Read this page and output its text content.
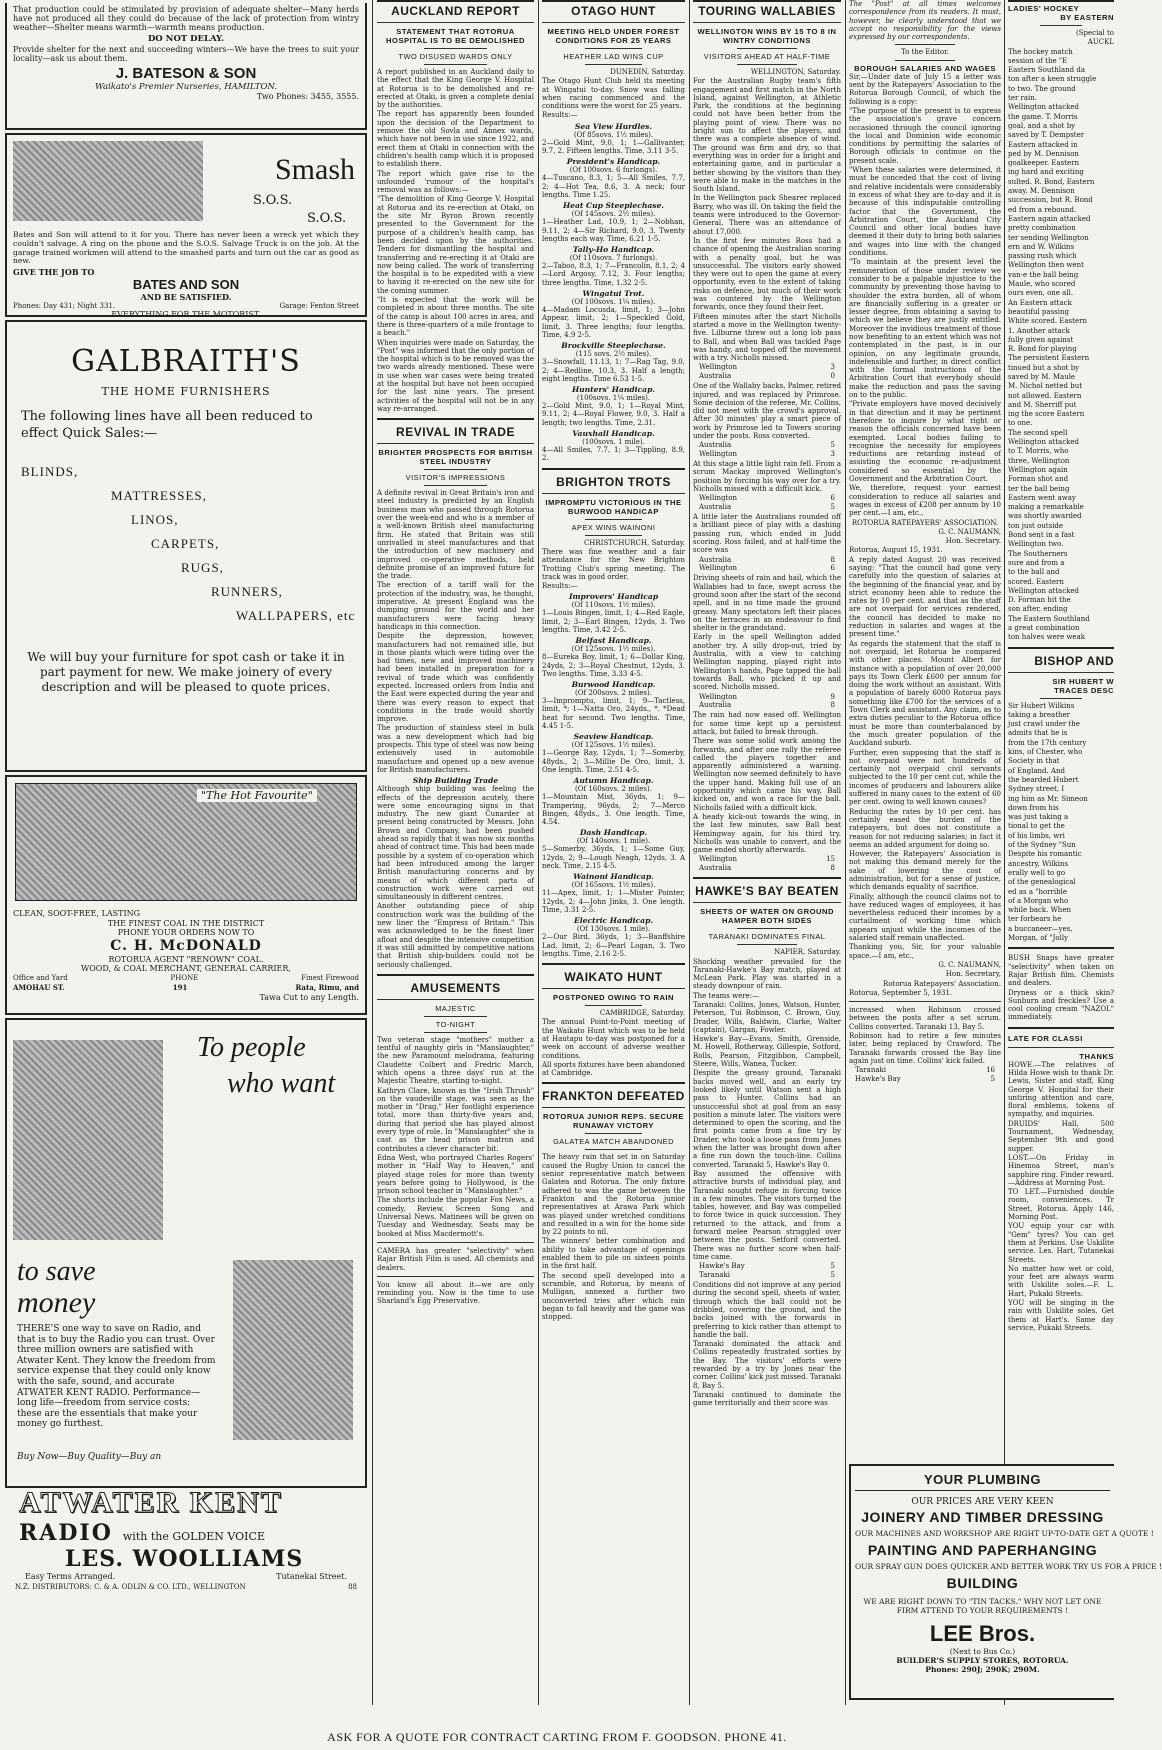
That production could be stimulated by provision of adequate shelter—Many herds have not produced all they could do because of the lack of protection from wintry weather—Shelter means warmth—warmth means production.

DO NOT DELAY.

Provide shelter for the next and succeeding winters—We have the trees to suit your locality—ask us about them.

J. BATESON & SON
Waikato's Premier Nurseries, HAMILTON.
Two Phones: 3455, 3555.
Smash
S.O.S.
S.O.S.

Bates and Son will attend to it for you. There has never been a wreck yet which they couldn't salvage. A ring on the phone and the S.O.S. Salvage Truck is on the job. At the garage trained workmen will attend to the smashed parts and turn out the car as good as new.

GIVE THE JOB TO
BATES AND SON
AND BE SATISFIED.
Phones: Day 431; Night 331.	Garage: Fenton Street
EVERYTHING FOR THE MOTORIST.
GALBRAITH'S
THE HOME FURNISHERS
The following lines have all been reduced to effect Quick Sales:—
BLINDS,
MATTRESSES,
LINOS,
CARPETS,
RUGS,
RUNNERS,
WALLPAPERS, etc
We will buy your furniture for spot cash or take it in part payment for new. We make joinery of every description and will be pleased to quote prices.
"The Hot Favourite"
CLEAN, SOOT-FREE, LASTING
THE FINEST COAL IN THE DISTRICT
PHONE YOUR ORDERS NOW TO
C. H. McDONALD
ROTORUA AGENT "RENOWN" COAL.
WOOD, & COAL MERCHANT, GENERAL CARRIER,
Office and Yard	PHONE	Finest Firewood
AMOHAU ST.	191	Rata, Rimu, and
Tawa Cut to any Length.
To people
who want
to save
money
THERE'S one way to save on Radio, and that is to buy the Radio you can trust. Over three million owners are satisfied with Atwater Kent. They know the freedom from service expense that they could only know with the safe, sound, and accurate ATWATER KENT RADIO. Performance—long life—freedom from service costs: these are the essentials that make your money go furthest.
Buy Now—Buy Quality—Buy an
ATWATER KENT
RADIO with the GOLDEN VOICE
LES. WOOLLIAMS
Easy Terms Arranged.	Tutanekai Street.
N.Z. DISTRIBUTORS: C. & A. ODLIN & CO. LTD., WELLINGTON	88
AUCKLAND REPORT
STATEMENT THAT ROTORUA HOSPITAL IS TO BE DEMOLISHED
TWO DISUSED WARDS ONLY

A report published in an Auckland daily to the effect that the King George V. Hospital at Rotorua is to be demolished and re-erected at Otaki, is given a complete denial by the authorities.

The report has apparently been founded upon the decision of the Department to remove the old Sovla and Annex wards, which have not been in use since 1922, and erect them at Otaki in connection with the children's health camp which it is proposed to establish there.

The report which gave rise to the unfounded 'rumour of the hospital's removal was as follows:—

"The demolition of King George V. Hospital at Rotorua and its re-erection at Otaki, on the site Mr Byron Brown recently presented to the Government for the purpose of a children's health camp, has been decided upon by the authorities. Tenders for dismantling the hospital and transferring and re-erecting it at Otaki are now being called. The work of transferring the hospital is to be expedited with a view to having it re-erected on the new site for the coming summer.

"It is expected that the work will be completed in about three months. The site of the camp is about 100 acres in area, and there is three-quarters of a mile frontage to a beach."

When inquiries were made on Saturday, the "Post" was informed that the only portion of the hospital which is to be removed was the two wards already mentioned. These were in use when war cases were being treated at the hospital but have not been occupied for the last nine years. The present activities of the hospital will not be in any way re-arranged.

REVIVAL IN TRADE
BRIGHTER PROSPECTS FOR BRITISH STEEL INDUSTRY
VISITOR'S IMPRESSIONS

A definite revival in Great Britain's iron and steel industry is predicted by an English business man who passed through Rotorua over the week-end and who is a member of a well-known British steel manufacturing firm. He stated that Britain was still unrivalled in steel manufactures and that the introduction of new machinery and improved co-operative methods, held definite promise of an improved future for the trade.

The erection of a tariff wall for the protection of the industry, was, he thought, imperative. At present England was the dumping ground for the world and her manufacturers were facing heavy handicaps in this connection.

Despite the depression, however, manufacturers had not remained idle, but in those plants which were tiding over the bad times, new and improved machinery had been installed in preparation for a revival of trade which was confidently expected. Increased orders from India and the East were expected during the year and there was every reason to expect that conditions in the trade would shortly improve.

The production of stainless steel in bulk was a new development which had big prospects. This type of steel was now being extensively used in automobile manufacture and opened up a new avenue for British manufacturers.

Ship Building Trade

Although ship building was feeling the effects of the depression acutely, there were some encouraging signs in that industry. The new giant Cunarder at present being constructed by Messrs. John Brown and Company, had been pushed ahead so rapidly that it was now six months ahead of contract time. This had been made possible by a system of co-operation which had been introduced among the larger British manufacturing concerns and by means of which different parts of construction work were carried out simultaneously in different centres.

Another outstanding piece of ship construction work was the building of the new liner the "Empress of Britain." This was acknowledged to be the finest liner afloat and despite the intensive competition it was still admitted by competitive nations that British ship-builders could not be seriously challenged.

AMUSEMENTS
MAJESTIC
TO-NIGHT

Two veteran stage "mothers" mother a tentful of naughty girls in "Manslaughter," the new Paramount melodrama, featuring Claudette Colbert and Fredric March, which opens a three days' run at the Majestic Theatre, starting to-night.

Kathryn Clare, known as the "Irish Thrush" on the vaudeville stage, was seen as the mother in "Drag." Her footlight experience total, more than thirty-five years and, during that period she has played almost every type of role. In "Manslaughter" she is cast as the head prison matron and contributes a clever character bit.

Edna West, who portrayed Charles Rogers' mother in "Half Way to Heaven," and played stage roles for more than twenty years before going to Hollywood, is the prison school teacher in "Manslaughter."

The shorts include the popular Fox News, a comedy, Review, Screen Song and Universal News. Matinees will be given on Tuesday and Wednesday. Seats may be booked at Miss Macdermott's.

CAMERA has greater "selectivity" when Rajar British Film is used. All chemists and dealers.

You know all about it—we are only reminding you. Now is the time to use Sharland's Egg Preservative.

OTAGO HUNT
MEETING HELD UNDER FOREST CONDITIONS FOR 25 YEARS
HEATHER LAD WINS CUP

DUNEDIN, Saturday.

The Otago Hunt Club held its meeting at Wingatui to-day. Snow was falling when racing commenced and the conditions were the worst for 25 years.

Results:—

Sea View Hurdles.
(Of 85sovs. 1½ miles).

2—Gold Mint, 9.0, 1; 1—Gallivanter, 9.7, 2. Fifteen lengths. Time, 3.11 3-5.

President's Handicap.
(Of 100sovs. 6 furlongs).

4—Tuscano, 8.3, 1; 5—All Smiles, 7.7, 2; 4—Hot Tea, 8.6, 3. A neck; four lengths. Time 1.25.

Heat Cup Steeplechase.
(Of 145sovs. 2½ miles).

1—Heather Lad, 10.9, 1; 2—Nobhan, 9.11, 2; 4—Sir Richard, 9.0, 3. Twenty lengths each way. Time, 6.21 1-5.

Tally-Ho Handicap.
(Of 110sovs. 7 furlongs).

2—Taboo, 8.3, 1; 7—Francolin, 8.1, 2; 4—Lord Argosy, 7.12, 3. Four lengths; three lengths. Time, 1.32 2-5.

Wingatui Trot.
(Of 100sovs. 1¼ miles).

4—Madam Locusda, limit, 1; 3—John Appear, limit, 2; 1—Speckled Gold, limit, 3. Three lengths; four lengths. Time, 4.9 2-5.

Brockville Steeplechase.
(115 sovs. 2½ miles).

3—Snowfall, 11.13, 1; 7—Rag Tag, 9.0, 2; 4—Redline, 10.3, 3. Half a length; eight lengths. Time 6.53 1-5.

Hunters' Handicap.
(100sovs. 1¼ miles).

2—Gold Mint, 9.0, 1; 1—Royal Mint, 9.11, 2; 4—Royal Flower, 9.0, 3. Half a length; two lengths. Time, 2.31.

Vauxhall Handicap.
(100sovs. 1 mile).

4—All Smiles, 7.7, 1; 3—Tippling, 8.9, 2.

BRIGHTON TROTS
IMPROMPTU VICTORIOUS IN THE BURWOOD HANDICAP
APEX WINS WAINONI

CHRISTCHURCH, Saturday.

There was fine weather and a fair attendance for the New Brighton Trotting Club's spring meeting. The track was in good order.

Results:—

Improvers' Handicap
(Of 110sovs. 1½ miles).

1—Louis Bingen, limit, 1; 4—Red Eagle, limit, 2; 3—Earl Bingen, 12yds, 3. Two lengths. Time, 3.42 2-5.

Belfast Handicap.
(Of 125sovs. 1½ miles).

8—Eureka Boy, limit, 1; 6—Dollar King, 24yds, 2; 3—Royal Chestnut, 12yds, 3. Two lengths. Time, 3.33 4-5.

Burwood Handicap.
(Of 200sovs. 2 miles).

3—Impromptu, limit, 1; 9—Tactless, limit, *; 1—Natta Oro, 24yds., *. *Dead heat for second. Two lengths. Time, 4.45 1-5.

Seaview Handicap.
(Of 125sovs. 1½ miles).

1—George Ray, 12yds, 1; 7—Somerby, 48yds., 2; 3—Millie De Oro, limit, 3. One length. Time, 2.51 4-5.

Autumn Handicap.
(Of 160sovs. 2 miles).

1—Mountain Mist, 36yds, 1; 9—Trampering, 96yds, 2; 7—Merco Bingen, 48yds., 3. One length. Time, 4.54.

Dash Handicap.
(Of 140sovs. 1 mile).

5—Somerby, 36yds, 1; 1—Some Guy, 12yds, 2; 9—Lough Neagh, 12yds, 3. A neck. Time, 2.15 4-5.

Wainoni Handicap.
(Of 165sovs. 1½ miles).

11—Apex, limit, 1; 1—Mister Pointer, 12yds, 2; 4—John Jinks, 3. One length. Time, 3.31 2-5.

Electric Handicap.
(Of 130sovs. 1 mile).

2—Our Bird, 36yds, 1; 3—Banffshire Lad, limit, 2; 6—Pearl Logan, 3. Two lengths. Time, 2.16 2-5.

WAIKATO HUNT
POSTPONED OWING TO RAIN

CAMBRIDGE, Saturday.

The annual Point-to-Point meeting of the Waikato Hunt which was to be held at Hautapu to-day was postponed for a week on account of adverse weather conditions.

All sports fixtures have been abandoned at Cambridge.

FRANKTON DEFEATED
ROTORUA JUNIOR REPS. SECURE RUNAWAY VICTORY
GALATEA MATCH ABANDONED

The heavy rain that set in on Saturday caused the Rugby Union to cancel the senior representative match between Galatea and Rotorua. The only fixture adhered to was the game between the Frankton and the Rotorua junior representatives at Arawa Park which was played under wretched conditions and resulted in a win for the home side by 22 points to nil.

The winners' better combination and ability to take advantage of openings enabled them to pile on sixteen points in the first half.

The second spell developed into a scramble, and Rotorua, by means of Mulligan, annexed a further two unconverted tries after which rain began to fall heavily and the game was stopped.

TOURING WALLABIES
WELLINGTON WINS BY 15 TO 8 IN WINTRY CONDITIONS
VISITORS AHEAD AT HALF-TIME

WELLINGTON, Saturday.

For the Australian Rugby team's fifth engagement and first match in the North Island, against Wellington, at Athletic Park, the conditions at the beginning could not have been better from the playing point of view. There was no bright sun to affect the players, and there was a complete absence of wind. The ground was firm and dry, so that everything was in order for a bright and entertaining game, and in particular a better showing by the visitors than they were able to make in the matches in the South Island.

In the Wellington pack Shearer replaced Barry, who was ill. On taking the field the teams were introduced to the Governor-General. There was an attendance of about 17,000.

In the first few minutes Ross had a chance of opening the Australian scoring with a penalty goal, but he was unsuccessful. The visitors early showed they were out to open the game at every opportunity, even to the extent of taking risks on defence, but much of their work was countered by the Wellington forwards, once they found their feet.

Fifteen minutes after the start Nicholls started a move in the Wellington twenty-five. Lilburne threw out a long lob pass to Ball, and when Ball was tackled Page was handy, and topped off the movement with a try. Nicholls missed.

Wellington	3
Australia	0

One of the Wallaby backs, Palmer, retired injured, and was replaced by Primrose. Some decision of the referee, Mr. Collins, did not meet with the crowd's approval. After 30 minutes' play a smart piece of work by Primrose led to Towers scoring under the posts. Ross converted.

Australia	5
Wellington	3

At this stage a little light rain fell. From a scrum Mackay improved Wellington's position by forcing his way over for a try. Nicholls missed with a difficult kick.

Wellington	6
Australia	5

A little later the Australians rounded off a brilliant piece of play with a dashing passing run, which ended in Judd scoring. Ross failed, and at half-time the score was

Australia	8
Wellington	6

Driving sheets of rain and hail, which the Wallabies had to face, swept across the ground soon after the start of the second spell, and in no time made the ground greasy. Many spectators left their places on the terraces in an endeavour to find shelter in the grandstand.

Early in the spell Wellington added another try. A silly drop-out, tried by Australia, with a view to catching Wellington napping, played right into Wellington's hands, Page tapped the ball towards Ball, who picked it up and scored. Nicholls missed.

Wellington	9
Australia	8

The rain had now eased off. Wellington for some time kept up a persistent attack, but failed to break through.

There was some solid work among the forwards, and after one rally the referee called the players together and apparently administered a warning. Wellington now seemed definitely to have the upper hand. Making full use of an opportunity which came his way, Ball kicked on, and won a race for the ball. Nicholls failed with a difficult kick.

A heady kick-out towards the wing, in the last few minutes, saw Ball beat Hemingway again, for his third try. Nicholls was unable to convert, and the game ended shortly afterwards.

Wellington	15
Australia	8
HAWKE'S BAY BEATEN
SHEETS OF WATER ON GROUND HAMPER BOTH SIDES
TARANAKI DOMINATES FINAL

NAPIER, Saturday.

Shocking weather prevailed for the Taranaki-Hawke's Bay match, played at McLean Park. Play was started in a steady downpour of rain.

The teams were:—

Taranaki: Collins, Jones, Watson, Hunter, Peterson, Tui Robinson, C. Brown, Guy, Drader, Wills, Baldwin, Clarke, Walter (captain), Gargan, Fowler.

Hawke's Bay—Evans, Smith, Grenside, M. Howell, Rotherway, Gillespie, Sotford, Rolls, Pearson, Fitzgibbon, Campbell, Steere, Wills, Wanea, Tucker.

Despite the greasy ground, Taranaki backs moved well, and an early try looked likely until Watson sent a high pass to Hunter. Collins had an unsuccessful shot at goal from an easy position a minute later. The visitors were determined to open the scoring, and the first points came from a fine try by Drader, who took a loose pass from Jones when the latter was brought down after a fine run down the touch-line. Collins converted. Taranaki 5, Hawke's Bay 0.

Bay assumed the offensive with attractive bursts of individual play, and Taranaki sought refuge in forcing twice in a few minutes. The visitors turned the tables, however, and Bay was compelled to force twice in quick succession. They returned to the attack, and from a forward melee Pearson struggled over between the posts. Setford converted. There was no further score when half-time came.

Hawke's Bay	5
Taranaki	5

Conditions did not improve at any period during the second spell, sheets of water, through which the ball could not be dribbled, covering the ground, and the backs joined with the forwards in preferring to kick rather than attempt to handle the ball.

Taranaki dominated the attack and Collins repeatedly frustrated sorties by the Bay. The visitors' efforts were rewarded by a try by Jones near the corner. Collins' kick just missed. Taranaki 8, Bay 5.

Taranaki continued to dominate the game territorially and their score was

The "Post" at all times welcomes correspondence from its readers. It must, however, be clearly understood that we accept no responsibility for the views expressed by our correspondents.

To the Editor.

BOROUGH SALARIES AND WAGES

Sir,—Under date of July 15 a letter was sent by the Ratepayers' Association to the Rotorua Borough Council, of which the following is a copy:

"The purpose of the present is to express the association's grave concern occasioned through the council ignoring the local and Dominion wide economic conditions by permitting the salaries of Borough officials to continue on the present scale.

"When these salaries were determined, it must be conceded that the cost of living and relative incidentals were considerably in excess of what they are to-day and it is because of this indisputable controlling factor that the Government, the Arbitration Court, the Auckland City Council and other local bodies have deemed it their duty to bring both salaries and wages into line with the changed conditions.

"To maintain at the present level the remuneration of those under review we consider to be a palpable injustice to the community by preventing those having to shoulder the extra burden, all of whom are financially suffering in a greater or lesser degree, from obtaining a saving to which we believe they are justly entitled. Moreover the invidious treatment of those now benefiting to an extent which was not contemplated in the past, is in our opinion, on any legitimate grounds, indefensible and further, in direct conflict with the formal instructions of the Arbitration Court that everybody should make the reduction and pass the saving on to the public.

"Private employers have moved decisively in that direction and it may be pertinent therefore to inquire by what right or reason the officials concerned have been exempted. Local bodies failing to recognise the necessity for employees reductions are retarding instead of assisting the economic re-adjustment considered so essential by the Government and the Arbitration Court.

We, therefore, request your earnest consideration to reduce all salaries and wages in excess of £208 per annum by 10 per cent.—I am, etc.,

ROTORUA RATEPAYERS' ASSOCIATION.

G. C. NAUMANN,

Hon. Secretary.

Rotorua, August 15, 1931.

A reply dated August 20 was received saying: "That the council had gone very carefully into the question of salaries at the beginning of the financial year, and by strict economy been able to reduce the rates by 10 per cent. and that as the staff are not overpaid for services rendered, the council has decided to make no reduction in salaries and wages at the present time."

As regards the statement that the staff is not overpaid, let Rotorua be compared with other places. Mount Albert for instance with a population of over 20,000 pays its Town Clerk £600 per annum for doing the work without an assistant. With a population of barely 6000 Rotorua pays something like £700 for the services of a Town Clerk and assistant. Any claim, as to extra duties peculiar to the Rotorua office must be more than counterbalanced by the much greater population of the Auckland suburb.

Further, even supposing that the staff is not overpaid were not hundreds of certainly not overpaid civil servants subjected to the 10 per cent cut, while the incomes of producers and labourers alike suffered in many cases to the extent of 60 per cent. owing to well known causes?

Reducing the rates by 10 per cent. has certainly eased the burden of the ratepayers, but does not constitute a reason for not reducing salaries; in fact it seems an added argument for doing so.

However, the Ratepayers' Association is not making this demand merely for the sake of lowering the cost of administration, but for a sense of justice, which demands equality of sacrifice.

Finally, although the council claims not to have reduced wages of employees, it has nevertheless reduced their incomes by a curtailment of working time which appears unjust while the incomes of the salaried staff remain unaffected.

Thanking you, Sir, for your valuable space.—I am, etc.,

G. C. NAUMANN,

Hon. Secretary,

Rotorua Ratepayers' Association.

Rotorua, September 5, 1931.

increased when Robinson crossed between the posts after a set scrum. Collins converted. Taranaki 13, Bay 5.

Robinson had to retire a few minutes later, being replaced by Crawford. The Taranaki forwards crossed the Bay line again just on time. Collins' kick failed.

Taranaki	16
Hawke's Bay	5
LADIES' HOCKEY
BY EASTERN

(Special to

AUCKL

The hockey match

session of the "E

Eastern Southland da

ton after a keen struggle

to two. The ground

ter rain.

Wellington attacked

the game. T. Morris

goal, and a shot by

saved by T. Dempster

Eastern attacked in

ped by M. Dennison

goalkeeper. Eastern

ing hard and exciting

sulted. R. Bond, Eastern

away. M. Dennison

succession, but R. Bond

ed from a rebound.

Eastern again attacked

pretty combination

ter sending Wellington

ern and W. Wilkins

passing rush which

Wellington then went

van-e the ball being

Maule, who scored

ours even, one all.

An Eastern attack

beautiful passing

White scored. Eastern

1. Another attack

fully given against

R. Bond for playing

The persistent Eastern

tinued but a shot by

saved by M. Maule

M. Nichol netted but

not allowed. Eastern

and M. Sherriff put

ing the score Eastern

to one.

The second spell

Wellington attacked

to T. Morris, who

three, Wellington

Wellington again

Forman shot and

ter the ball being

Eastern went away

making a remarkable

was shortly awarded

ton just outside

Bond sent in a fast

Wellington two.

The Southerners

sure and from a

to the ball and

scored. Eastern

Wellington attacked

D. Forman hit the

son after, ending

The Eastern Southland

a great combination

ton halves were weak

BISHOP AND
SIR HUBERT W
TRACES DESC

Sir Hubert Wilkins

taking a breather

just crawl under the

admits that he is

from the 17th century

kins, of Chester, who

Society in that

of England. And

the bearded Hubert

Sydney street, I

ing him as Mr. Simeon

down from his

was just taking a

tional to get the

of his limbs, wri

of the Sydney "Sun

Despite his romantic

ancestry, Wilkins

erally well to go

of the genealogical

ed as a "horrible

of a Morgan who

while back. When

ter forbears he

a buccaneer—yes,

Morgan, of "Jolly

BUSH Snaps have greater "selectivity" when taken on Rajar British film. Chemists and dealers.

Dryness or a thick skin? Sunburn and freckles? Use a cool cooling cream "NAZOL" immediately.

LATE FOR CLASSI
THANKS

HOWE.—The relatives of Hilda Howe wish to thank Dr. Lewis, Sister and staff, King George V. Hospital for their untiring attention and care, floral emblems, tokens of sympathy, and inquiries.

DRUIDS' Hall, 500 Tournament, Wednesday, September 9th and good supper.

LOST.—On Friday in Hinemoa Street, man's sapphire ring. Finder reward.—Address at Morning Post.

TO LET.—Furnished double room, conveniences. Tr Street, Rotorua. Apply 146, Morning Post.

YOU equip your car with "Gem" tyres? You can get them at Perkins. Use Uskilite service. Les. Hart, Tutanekai Streets.

No matter how wet or cold, your feet are always warm with Uskilite soles.—F. L. Hart, Pukaki Streets.

YOU will be singing in the rain with Uskilite soles. Get them at Hart's. Same day service, Pukaki Streets.

YOUR PLUMBING
OUR PRICES ARE VERY KEEN
JOINERY AND TIMBER DRESSING
OUR MACHINES AND WORKSHOP ARE RIGHT UP-TO-DATE GET A QUOTE !
PAINTING AND PAPERHANGING
OUR SPRAY GUN DOES QUICKER AND BETTER WORK TRY US FOR A PRICE !
BUILDING
WE ARE RIGHT DOWN TO "TIN TACKS." WHY NOT LET ONE FIRM ATTEND TO YOUR REQUIREMENTS !
LEE Bros.
(Next to Bus Co.)
BUILDER'S SUPPLY STORES, ROTORUA.
Phones: 290J; 290K; 290M.
ASK FOR A QUOTE FOR CONTRACT CARTING FROM F. GOODSON. PHONE 41.
